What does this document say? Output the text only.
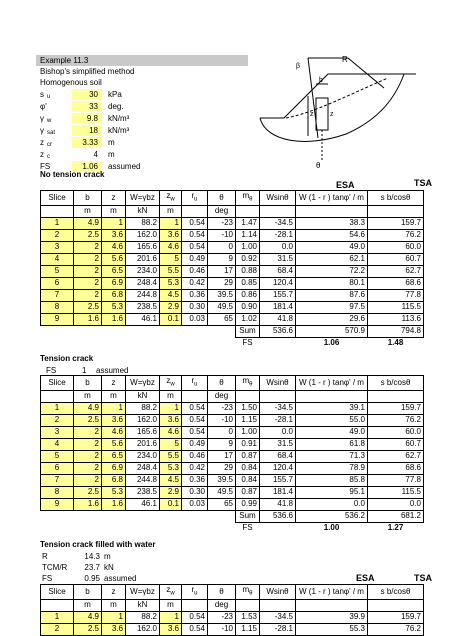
Example 11.3
Bishop's simplified method
Homogenous soil
s u	30	kPa
φ'	33	deg.
γ w	9.8	kN/m³
γ sat	18	kN/m³
z cr	3.33	m
z c	4	m
FS	1.06	assumed
R
b
z z
θ
β
No tension crack
ESA	TSA
Slice	b	z	W=γbz	$z_w$	$r_u$	θ	$m_\theta$	Wsinθ	W (1 - r ) tanφ' / m	s b/cosθ
	m	m	kN	m		deg				
1	4.9	1	88.2	1	0.54	-23	1.47	-34.5	38.3	159.7
2	2.5	3.6	162.0	3.6	0.54	-10	1.14	-28.1	54.6	76.2
3	2	4.6	165.6	4.6	0.54	0	1.00	0.0	49.0	60.0
4	2	5.6	201.6	5	0.49	9	0.92	31.5	62.1	60.7
5	2	6.5	234.0	5.5	0.46	17	0.88	68.4	72.2	62.7
6	2	6.9	248.4	5.3	0.42	29	0.85	120.4	80.1	68.6
7	2	6.8	244.8	4.5	0.36	39.5	0.86	155.7	87.6	77.8
8	2.5	5.3	238.5	2.9	0.30	49.5	0.90	181.4	97.5	115.5
9	1.6	1.6	46.1	0.1	0.03	65	1.02	41.8	29.6	113.6
							Sum	536.6	570.9	794.8
							FS		1.06	1.48
Tension crack
FS	1 assumed
Slice	b	z	W=γbz	$z_w$	$r_u$	θ	$m_\theta$	Wsinθ	W (1 - r ) tanφ' / m	s b/cosθ
	m	m	kN	m		deg				
1	4.9	1	88.2	1	0.54	-23	1.50	-34.5	39.1	159.7
2	2.5	3.6	162.0	3.6	0.54	-10	1.15	-28.1	55.0	76.2
3	2	4.6	165.6	4.6	0.54	0	1.00	0.0	49.0	60.0
4	2	5.6	201.6	5	0.49	9	0.91	31.5	61.8	60.7
5	2	6.5	234.0	5.5	0.46	17	0.87	68.4	71.3	62.7
6	2	6.9	248.4	5.3	0.42	29	0.84	120.4	78.9	68.6
7	2	6.8	244.8	4.5	0.36	39.5	0.84	155.7	85.8	77.8
8	2.5	5.3	238.5	2.9	0.30	49.5	0.87	181.4	95.1	115.5
9	1.6	1.6	46.1	0.1	0.03	65	0.99	41.8	0.0	0.0
							Sum	536.6	536.2	681.2
							FS		1.00	1.27
Tension crack filled with water
R	14.3 m
TCM/R	23.7 kN
FS	0.95 assumed	ESA	TSA
Slice	b	z	W=γbz	$z_w$	$r_u$	θ	$m_\theta$	Wsinθ	W (1 - r ) tanφ' / m	s b/cosθ
	m	m	kN	m		deg				
1	4.9	1	88.2	1	0.54	-23	1.53	-34.5	39.9	159.7
2	2.5	3.6	162.0	3.6	0.54	-10	1.15	-28.1	55.3	76.2
